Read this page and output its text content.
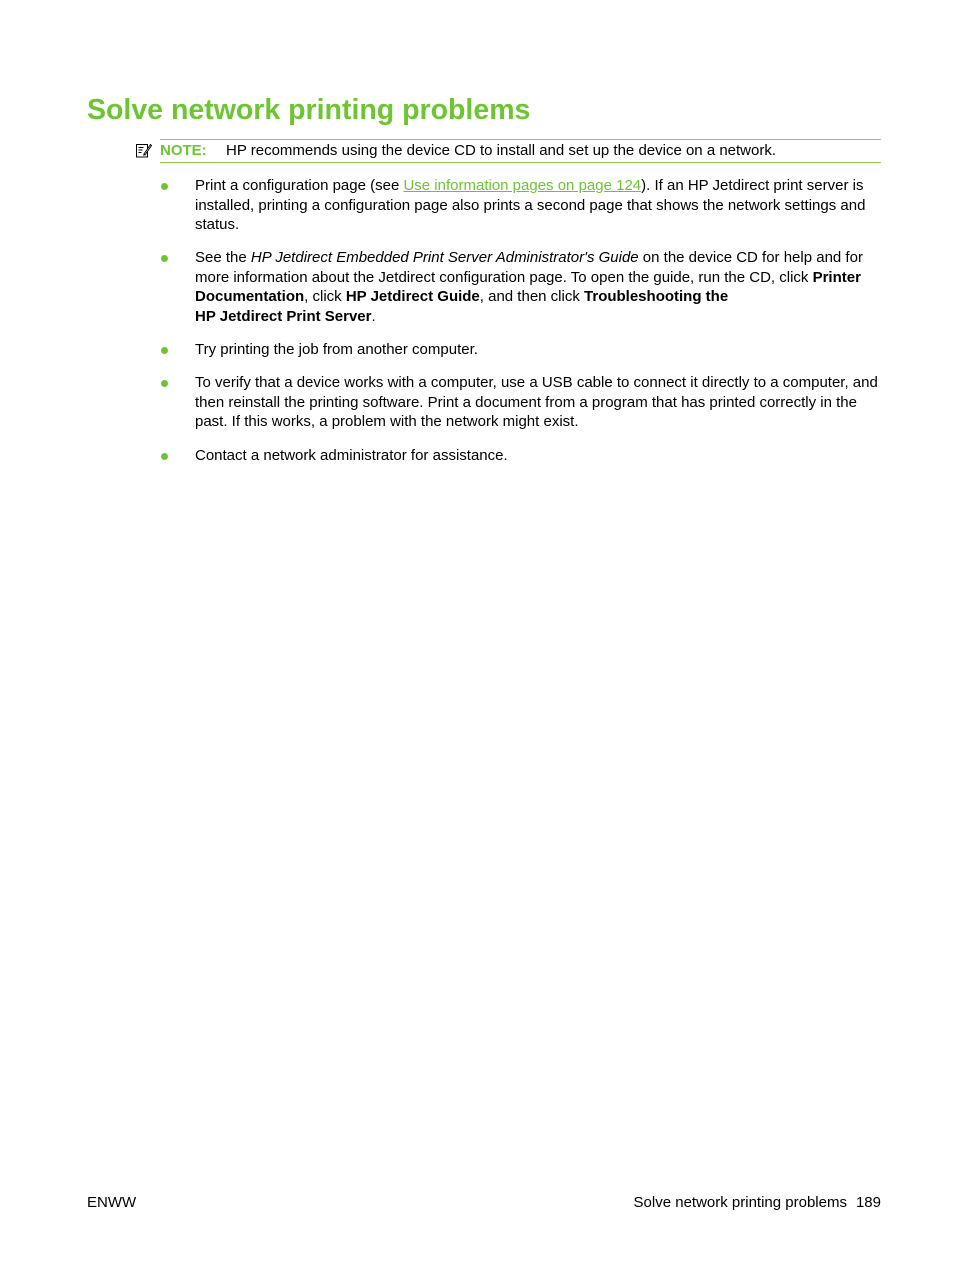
Solve network printing problems
NOTE: HP recommends using the device CD to install and set up the device on a network.
Print a configuration page (see Use information pages on page 124). If an HP Jetdirect print server is installed, printing a configuration page also prints a second page that shows the network settings and status.
See the HP Jetdirect Embedded Print Server Administrator's Guide on the device CD for help and for more information about the Jetdirect configuration page. To open the guide, run the CD, click Printer Documentation, click HP Jetdirect Guide, and then click Troubleshooting the
HP Jetdirect Print Server.
Try printing the job from another computer.
To verify that a device works with a computer, use a USB cable to connect it directly to a computer, and then reinstall the printing software. Print a document from a program that has printed correctly in the past. If this works, a problem with the network might exist.
Contact a network administrator for assistance.
ENWW	Solve network printing problems 189
